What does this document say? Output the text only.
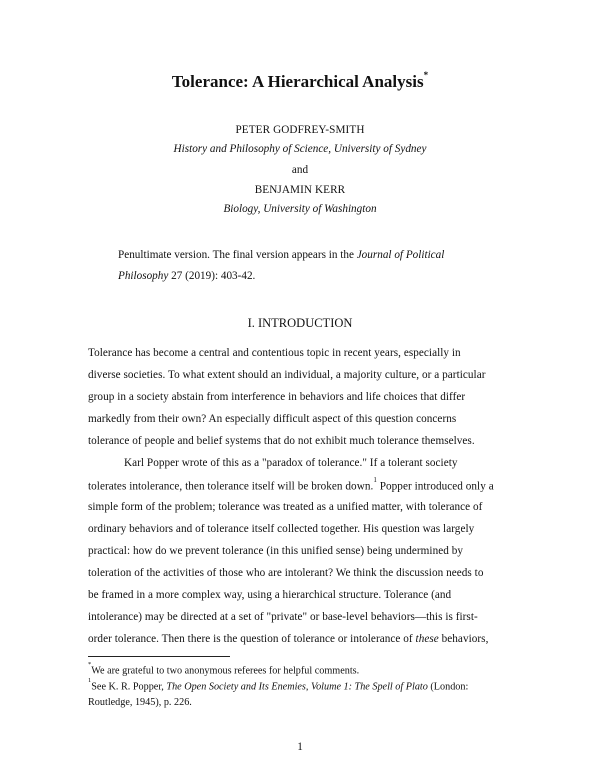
Tolerance: A Hierarchical Analysis*
PETER GODFREY-SMITH
History and Philosophy of Science, University of Sydney
and
BENJAMIN KERR
Biology, University of Washington
Penultimate version. The final version appears in the Journal of Political
Philosophy 27 (2019): 403-42.
I. INTRODUCTION
Tolerance has become a central and contentious topic in recent years, especially in
diverse societies. To what extent should an individual, a majority culture, or a particular
group in a society abstain from interference in behaviors and life choices that differ
markedly from their own? An especially difficult aspect of this question concerns
tolerance of people and belief systems that do not exhibit much tolerance themselves.
Karl Popper wrote of this as a "paradox of tolerance." If a tolerant society
tolerates intolerance, then tolerance itself will be broken down.$^1$ Popper introduced only a
simple form of the problem; tolerance was treated as a unified matter, with tolerance of
ordinary behaviors and of tolerance itself collected together. His question was largely
practical: how do we prevent tolerance (in this unified sense) being undermined by
toleration of the activities of those who are intolerant? We think the discussion needs to
be framed in a more complex way, using a hierarchical structure. Tolerance (and
intolerance) may be directed at a set of "private" or base-level behaviors—this is first-
order tolerance. Then there is the question of tolerance or intolerance of these behaviors,
*We are grateful to two anonymous referees for helpful comments.
$^1$See K. R. Popper, The Open Society and Its Enemies, Volume 1: The Spell of Plato (London:
Routledge, 1945), p. 226.
1
